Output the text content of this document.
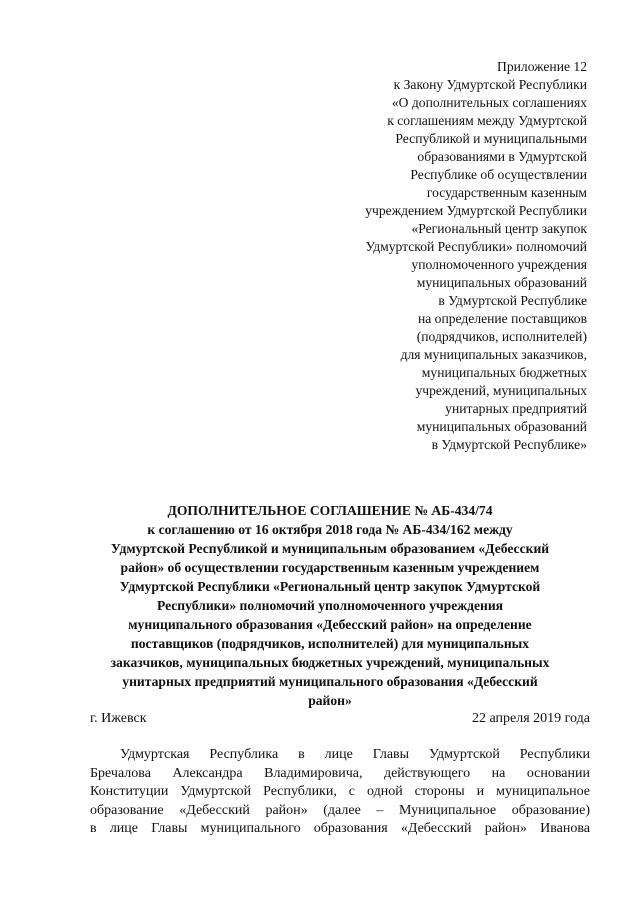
Приложение 12
к Закону Удмуртской Республики
«О дополнительных соглашениях
к соглашениям между Удмуртской
Республикой и муниципальными
образованиями в Удмуртской
Республике об осуществлении
государственным казенным
учреждением Удмуртской Республики
«Региональный центр закупок
Удмуртской Республики» полномочий
уполномоченного учреждения
муниципальных образований
в Удмуртской Республике
на определение поставщиков
(подрядчиков, исполнителей)
для муниципальных заказчиков,
муниципальных бюджетных
учреждений, муниципальных
унитарных предприятий
муниципальных образований
в Удмуртской Республике»
ДОПОЛНИТЕЛЬНОЕ СОГЛАШЕНИЕ № АБ-434/74
к соглашению от 16 октября 2018 года № АБ-434/162 между
Удмуртской Республикой и муниципальным образованием «Дебесский
район» об осуществлении государственным казенным учреждением
Удмуртской Республики «Региональный центр закупок Удмуртской
Республики» полномочий уполномоченного учреждения
муниципального образования «Дебесский район» на определение
поставщиков (подрядчиков, исполнителей) для муниципальных
заказчиков, муниципальных бюджетных учреждений, муниципальных
унитарных предприятий муниципального образования «Дебесский
район»
г. Ижевск	22 апреля 2019 года
Удмуртская Республика в лице Главы Удмуртской Республики
Бречалова Александра Владимировича, действующего на основании
Конституции Удмуртской Республики, с одной стороны и муниципальное
образование «Дебесский район» (далее – Муниципальное образование)
в лице Главы муниципального образования «Дебесский район» Иванова
